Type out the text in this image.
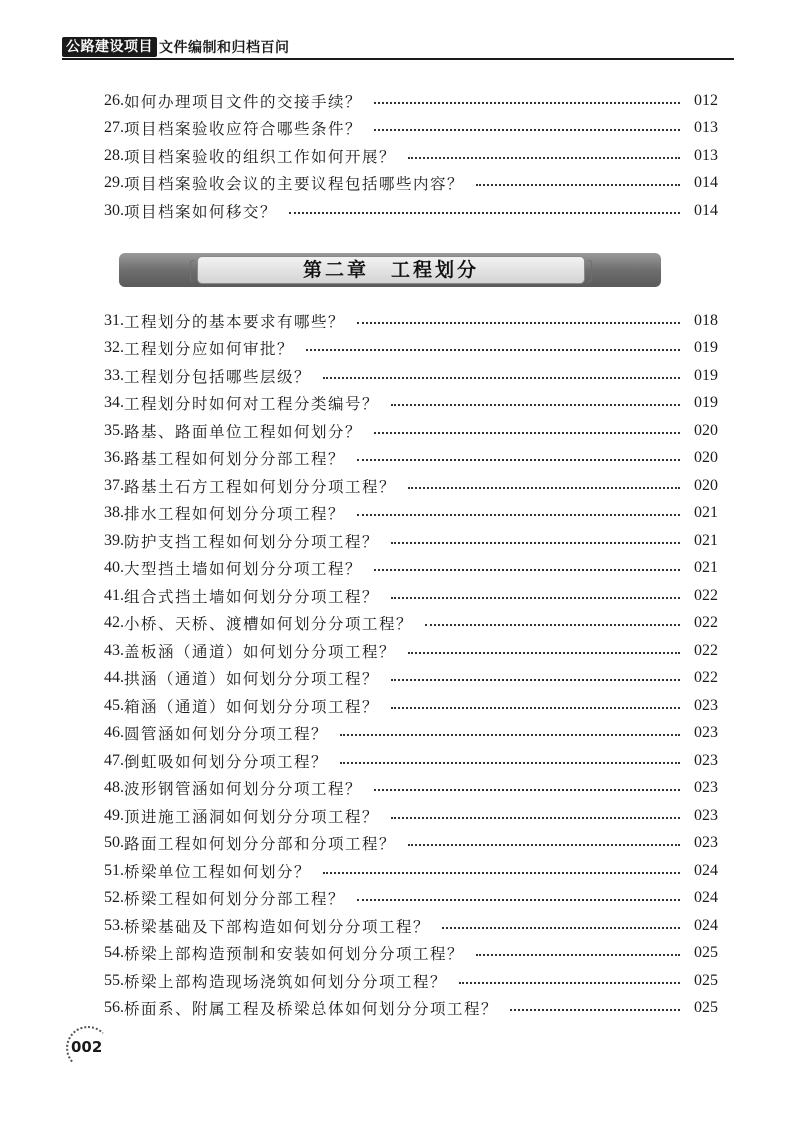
公路建设项目 文件编制和归档百问
26. 如何办理项目文件的交接手续？	012
27. 项目档案验收应符合哪些条件？	013
28. 项目档案验收的组织工作如何开展？	013
29. 项目档案验收会议的主要议程包括哪些内容？	014
30. 项目档案如何移交？	014
第二章　工程划分
31. 工程划分的基本要求有哪些？	018
32. 工程划分应如何审批？	019
33. 工程划分包括哪些层级？	019
34. 工程划分时如何对工程分类编号？	019
35. 路基、路面单位工程如何划分？	020
36. 路基工程如何划分分部工程？	020
37. 路基土石方工程如何划分分项工程？	020
38. 排水工程如何划分分项工程？	021
39. 防护支挡工程如何划分分项工程？	021
40. 大型挡土墙如何划分分项工程？	021
41. 组合式挡土墙如何划分分项工程？	022
42. 小桥、天桥、渡槽如何划分分项工程？	022
43. 盖板涵（通道）如何划分分项工程？	022
44. 拱涵（通道）如何划分分项工程？	022
45. 箱涵（通道）如何划分分项工程？	023
46. 圆管涵如何划分分项工程？	023
47. 倒虹吸如何划分分项工程？	023
48. 波形钢管涵如何划分分项工程？	023
49. 顶进施工涵洞如何划分分项工程？	023
50. 路面工程如何划分分部和分项工程？	023
51. 桥梁单位工程如何划分？	024
52. 桥梁工程如何划分分部工程？	024
53. 桥梁基础及下部构造如何划分分项工程？	024
54. 桥梁上部构造预制和安装如何划分分项工程？	025
55. 桥梁上部构造现场浇筑如何划分分项工程？	025
56. 桥面系、附属工程及桥梁总体如何划分分项工程？	025
002
